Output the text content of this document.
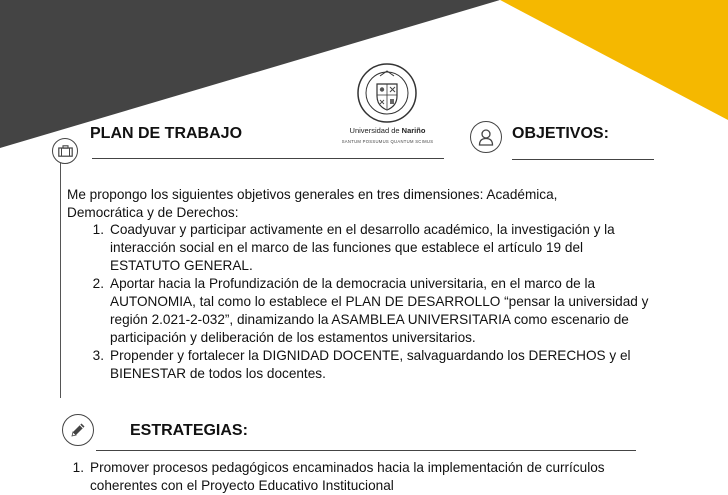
PLAN DE TRABAJO	Universidad de Nariño
SANTUM POSSUMUS QUANTUM SCIMUS	OBJETIVOS:
Me propongo los siguientes objetivos generales en tres dimensiones: Académica, Democrática y de Derechos:
1. Coadyuvar y participar activamente en el desarrollo académico, la investigación y la interacción social en el marco de las funciones que establece el artículo 19 del ESTATUTO GENERAL.
2. Aportar hacia la Profundización de la democracia universitaria, en el marco de la AUTONOMIA, tal como lo establece el PLAN DE DESARROLLO “pensar la universidad y región 2.021-2-032”, dinamizando la ASAMBLEA UNIVERSITARIA como escenario de participación y deliberación de los estamentos universitarios.
3. Propender y fortalecer la DIGNIDAD DOCENTE, salvaguardando los DERECHOS y el BIENESTAR de todos los docentes.
ESTRATEGIAS:
1. Promover procesos pedagógicos encaminados hacia la implementación de currículos coherentes con el Proyecto Educativo Institucional
